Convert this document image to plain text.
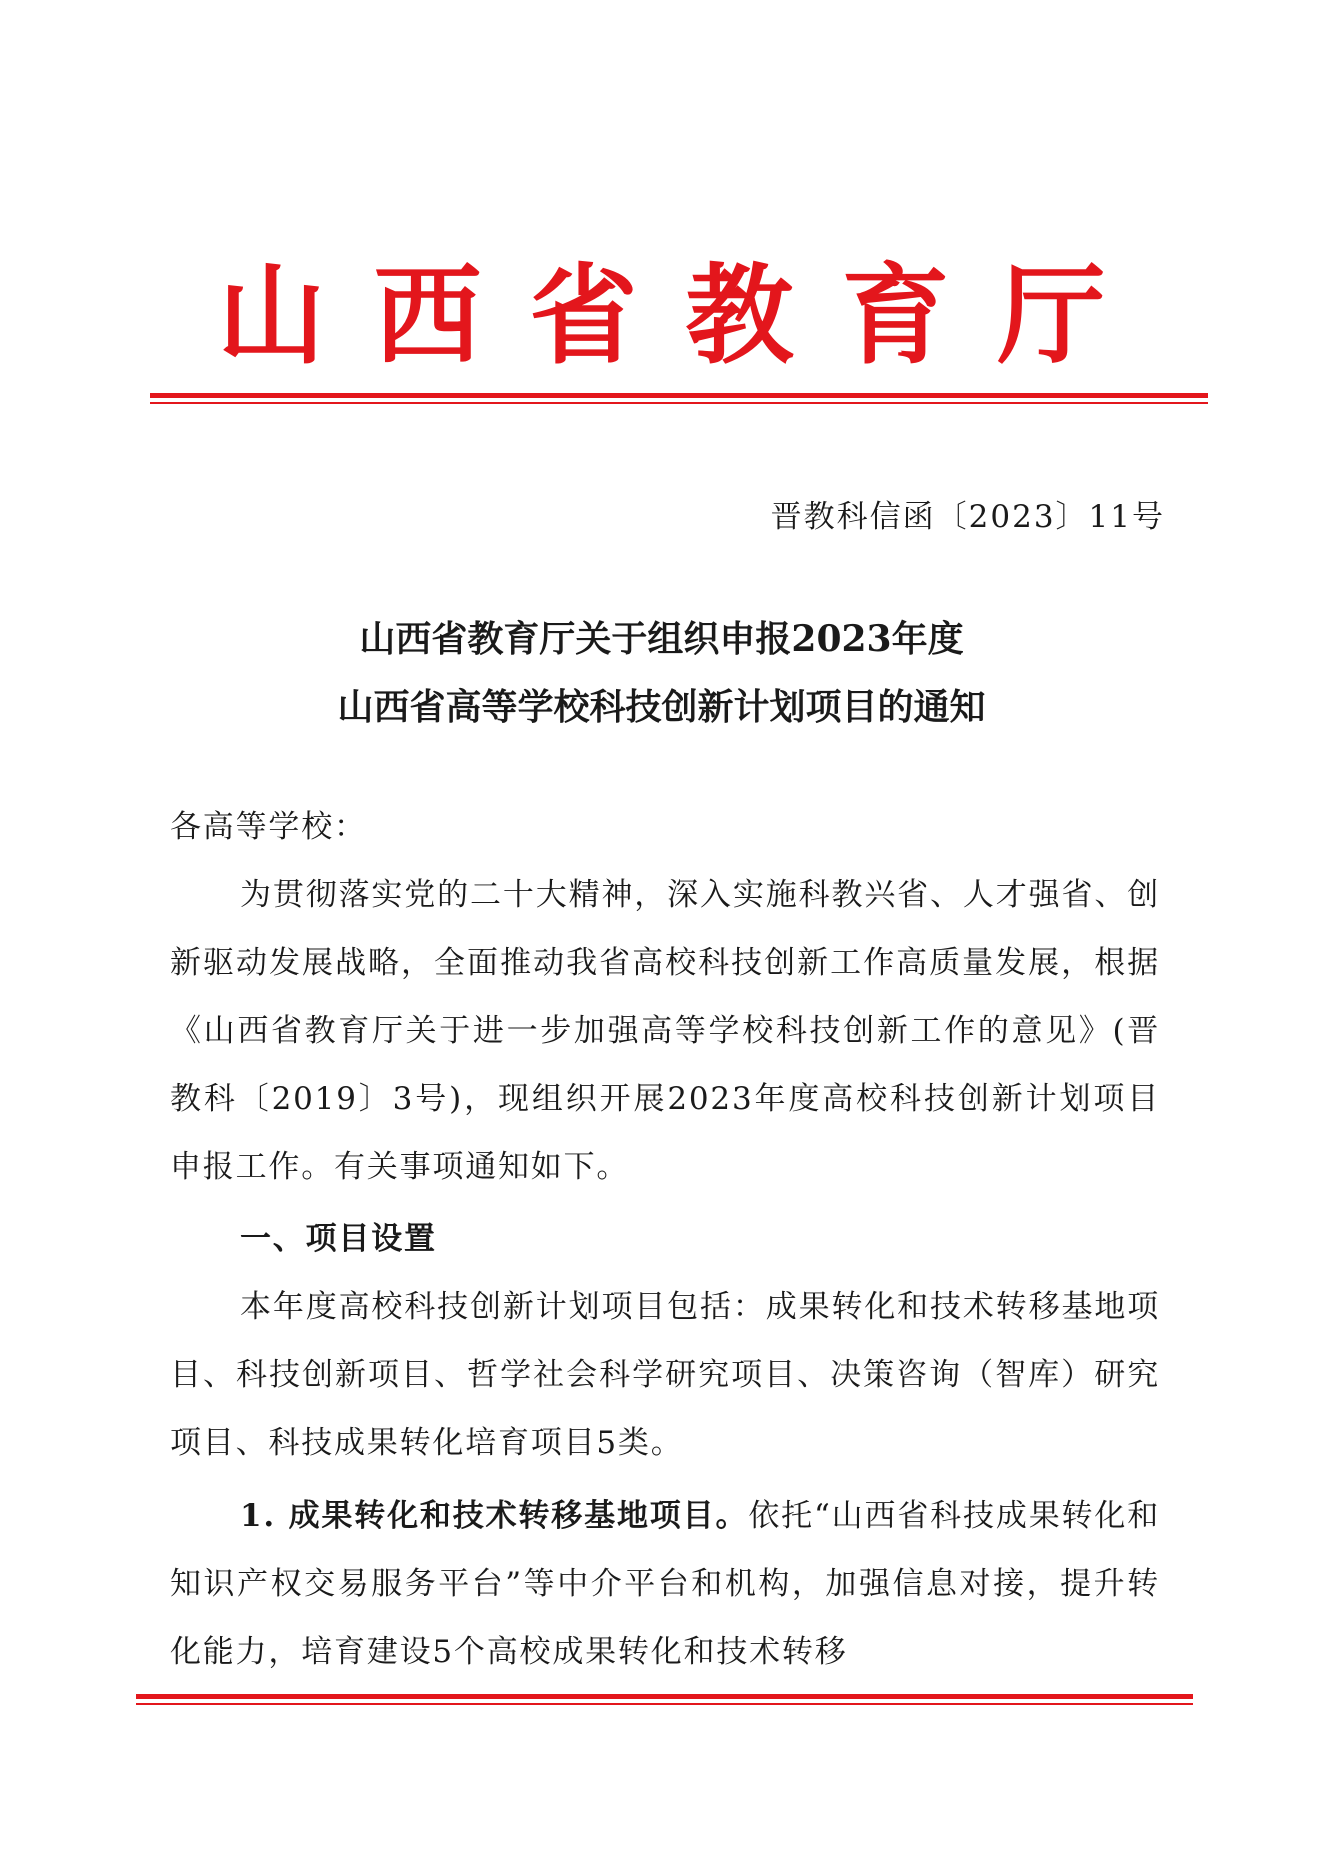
山西省教育厅
晋教科信函〔2023〕11号
山西省教育厅关于组织申报2023年度
山西省高等学校科技创新计划项目的通知
各高等学校：
为贯彻落实党的二十大精神，深入实施科教兴省、人才强省、创新驱动发展战略，全面推动我省高校科技创新工作高质量发展，根据《山西省教育厅关于进一步加强高等学校科技创新工作的意见》(晋教科〔2019〕3号)，现组织开展2023年度高校科技创新计划项目申报工作。有关事项通知如下。
一、项目设置
本年度高校科技创新计划项目包括：成果转化和技术转移基地项目、科技创新项目、哲学社会科学研究项目、决策咨询（智库）研究项目、科技成果转化培育项目5类。
1. 成果转化和技术转移基地项目。依托“山西省科技成果转化和知识产权交易服务平台”等中介平台和机构，加强信息对接，提升转化能力，培育建设5个高校成果转化和技术转移
